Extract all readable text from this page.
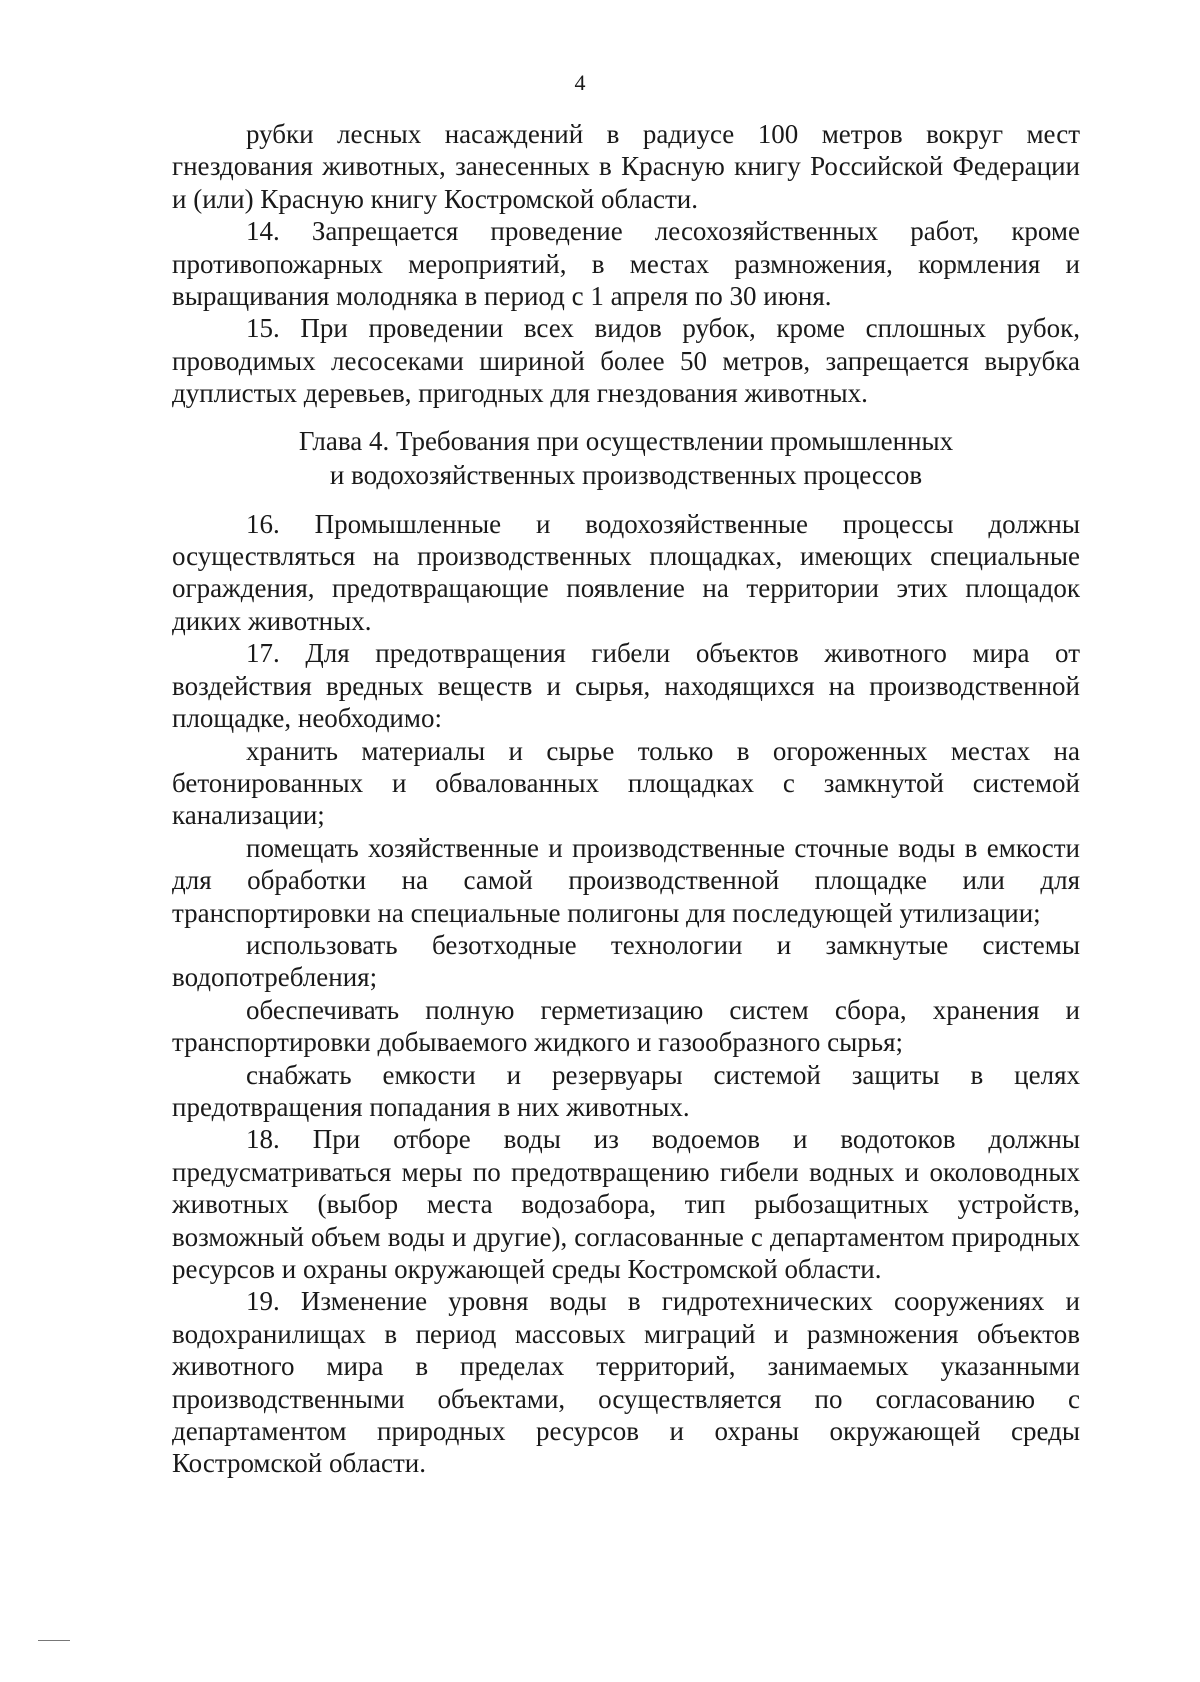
4

рубки лесных насаждений в радиусе 100 метров вокруг мест гнездования животных, занесенных в Красную книгу Российской Федерации и (или) Красную книгу Костромской области.

14. Запрещается проведение лесохозяйственных работ, кроме противопожарных мероприятий, в местах размножения, кормления и выращивания молодняка в период с 1 апреля по 30 июня.

15. При проведении всех видов рубок, кроме сплошных рубок, проводимых лесосеками шириной более 50 метров, запрещается вырубка дуплистых деревьев, пригодных для гнездования животных.

Глава 4. Требования при осуществлении промышленных
и водохозяйственных производственных процессов

16. Промышленные и водохозяйственные процессы должны осуществляться на производственных площадках, имеющих специальные ограждения, предотвращающие появление на территории этих площадок диких животных.

17. Для предотвращения гибели объектов животного мира от воздействия вредных веществ и сырья, находящихся на производственной площадке, необходимо:

хранить материалы и сырье только в огороженных местах на бетонированных и обвалованных площадках с замкнутой системой канализации;

помещать хозяйственные и производственные сточные воды в емкости для обработки на самой производственной площадке или для транспортировки на специальные полигоны для последующей утилизации;

использовать безотходные технологии и замкнутые системы водопотребления;

обеспечивать полную герметизацию систем сбора, хранения и транспортировки добываемого жидкого и газообразного сырья;

снабжать емкости и резервуары системой защиты в целях предотвращения попадания в них животных.

18. При отборе воды из водоемов и водотоков должны предусматриваться меры по предотвращению гибели водных и околоводных животных (выбор места водозабора, тип рыбозащитных устройств, возможный объем воды и другие), согласованные с департаментом природных ресурсов и охраны окружающей среды Костромской области.

19. Изменение уровня воды в гидротехнических сооружениях и водохранилищах в период массовых миграций и размножения объектов животного мира в пределах территорий, занимаемых указанными производственными объектами, осуществляется по согласованию с департаментом природных ресурсов и охраны окружающей среды Костромской области.
